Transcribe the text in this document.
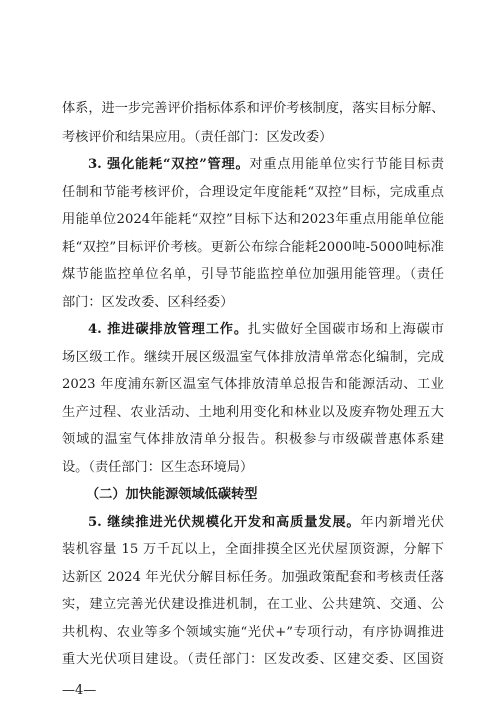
体系，进一步完善评价指标体系和评价考核制度，落实目标分解、
考核评价和结果应用。（责任部门：区发改委）
3. 强化能耗“双控”管理。对重点用能单位实行节能目标责
任制和节能考核评价，合理设定年度能耗“双控”目标，完成重点
用能单位2024年能耗“双控”目标下达和2023年重点用能单位能
耗“双控”目标评价考核。更新公布综合能耗2000吨-5000吨标准
煤节能监控单位名单，引导节能监控单位加强用能管理。（责任
部门：区发改委、区科经委）
4. 推进碳排放管理工作。扎实做好全国碳市场和上海碳市
场区级工作。继续开展区级温室气体排放清单常态化编制，完成
2023 年度浦东新区温室气体排放清单总报告和能源活动、工业
生产过程、农业活动、土地利用变化和林业以及废弃物处理五大
领域的温室气体排放清单分报告。积极参与市级碳普惠体系建
设。（责任部门：区生态环境局）
（二）加快能源领域低碳转型
5. 继续推进光伏规模化开发和高质量发展。年内新增光伏
装机容量 15 万千瓦以上，全面排摸全区光伏屋顶资源，分解下
达新区 2024 年光伏分解目标任务。加强政策配套和考核责任落
实，建立完善光伏建设推进机制，在工业、公共建筑、交通、公
共机构、农业等多个领域实施“光伏+”专项行动，有序协调推进
重大光伏项目建设。（责任部门：区发改委、区建交委、区国资
—4—
